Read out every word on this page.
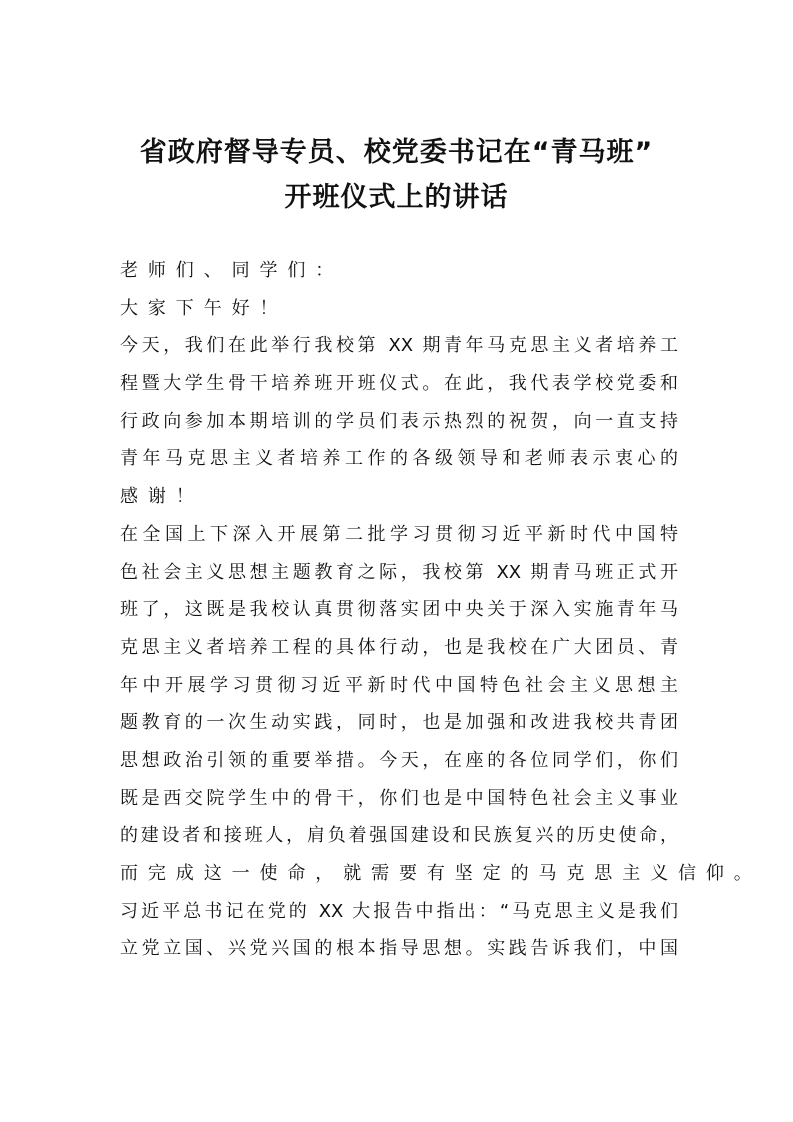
省政府督导专员、校党委书记在“青马班”
开班仪式上的讲话
老师们、同学们：
大家下午好！
今天，我们在此举行我校第 XX 期青年马克思主义者培养工
程暨大学生骨干培养班开班仪式。在此，我代表学校党委和
行政向参加本期培训的学员们表示热烈的祝贺，向一直支持
青年马克思主义者培养工作的各级领导和老师表示衷心的
感谢！
在全国上下深入开展第二批学习贯彻习近平新时代中国特
色社会主义思想主题教育之际，我校第 XX 期青马班正式开
班了，这既是我校认真贯彻落实团中央关于深入实施青年马
克思主义者培养工程的具体行动，也是我校在广大团员、青
年中开展学习贯彻习近平新时代中国特色社会主义思想主
题教育的一次生动实践，同时，也是加强和改进我校共青团
思想政治引领的重要举措。今天，在座的各位同学们，你们
既是西交院学生中的骨干，你们也是中国特色社会主义事业
的建设者和接班人，肩负着强国建设和民族复兴的历史使命，
而完成这一使命，就需要有坚定的马克思主义信仰。
习近平总书记在党的 XX 大报告中指出：“马克思主义是我们
立党立国、兴党兴国的根本指导思想。实践告诉我们，中国
